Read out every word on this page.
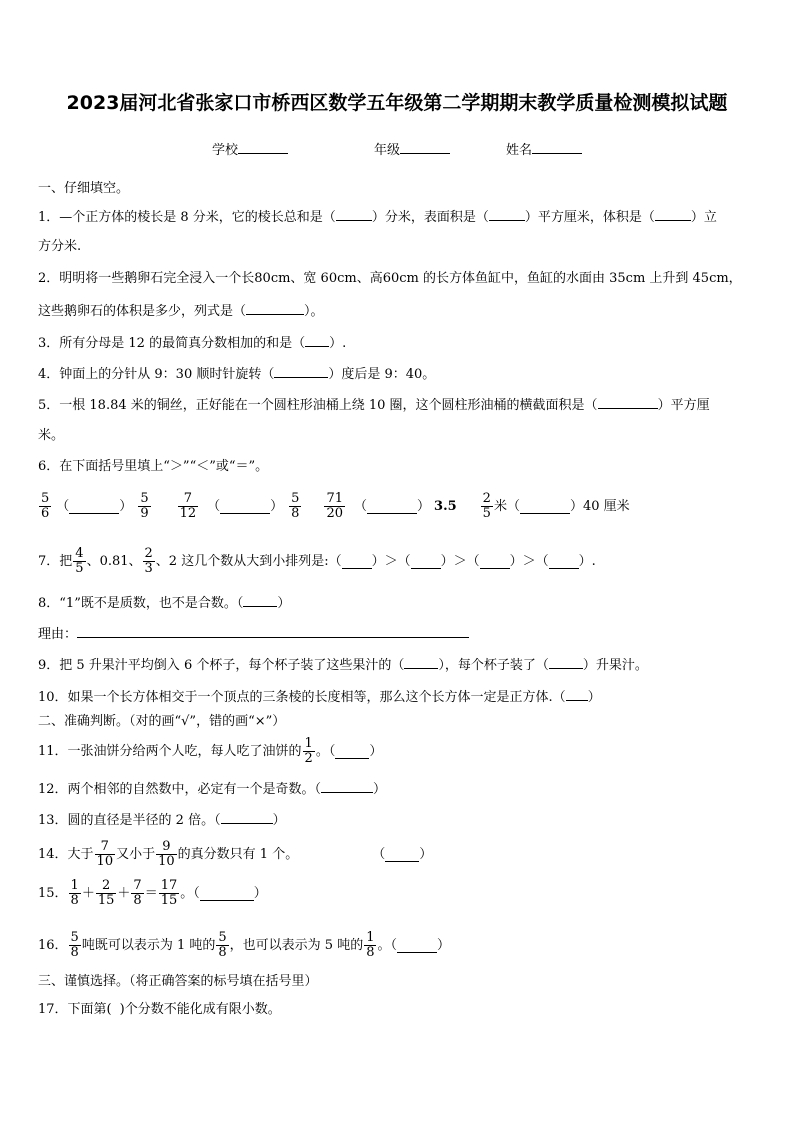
2023届河北省张家口市桥西区数学五年级第二学期期末教学质量检测模拟试题
学校	年级	姓名
一、仔细填空。
1．—个正方体的棱长是 8 分米，它的棱长总和是（	）分米，表面积是（	）平方厘米，体积是（	）立
方分米.
2．明明将一些鹅卵石完全浸入一个长80cm、宽 60cm、高60cm 的长方体鱼缸中，鱼缸的水面由 35cm 上升到 45cm，
这些鹅卵石的体积是多少，列式是（	）。
3．所有分母是 12 的最简真分数相加的和是（ ）.
4．钟面上的分针从 9：30 顺时针旋转（	）度后是 9：40。
5．一根 18.84 米的铜丝，正好能在一个圆柱形油桶上绕 10 圈，这个圆柱形油桶的横截面积是（	）平方厘
米。
6．在下面括号里填上“＞”“＜”或“＝”。
$\frac{5}{6}$ （	） $\frac{5}{9} \frac{7}{12}$ （	） $\frac{5}{8} \frac{71}{20}$ （	） $3.5 \frac{2}{5}$ 米 （	）40 厘米
7．把 $\frac{4}{5}$ 、0.81、 $\frac{2}{3}$ 、2 这几个数从大到小排列是:（ ）＞（ ）＞（ ）＞（ ）.
8．“1”既不是质数，也不是合数。（	）
理由：
9．把 5 升果汁平均倒入 6 个杯子，每个杯子装了这些果汁的（	），每个杯子装了（	）升果汁。
10．如果一个长方体相交于一个顶点的三条棱的长度相等，那么这个长方体一定是正方体.（ ）
二、准确判断。（对的画“√”，错的画“×”）
11．一张油饼分给两个人吃，每人吃了油饼的 $\frac{1}{2}$ 。（	）
12．两个相邻的自然数中，必定有一个是奇数。（	）
13．圆的直径是半径的 2 倍。（	）
14．大于 $\frac{7}{10}$ 又小于 $\frac{9}{10}$ 的真分数只有 1 个。	（	）
15． $\frac{1}{8} + \frac{2}{15} + \frac{7}{8} = \frac{17}{15}$ 。（	）
16． $\frac{5}{8}$ 吨既可以表示为 1 吨的 $\frac{5}{8}$ ，也可以表示为 5 吨的 $\frac{1}{8}$ 。（	）
三、谨慎选择。（将正确答案的标号填在括号里）
17．下面第( )个分数不能化成有限小数。
